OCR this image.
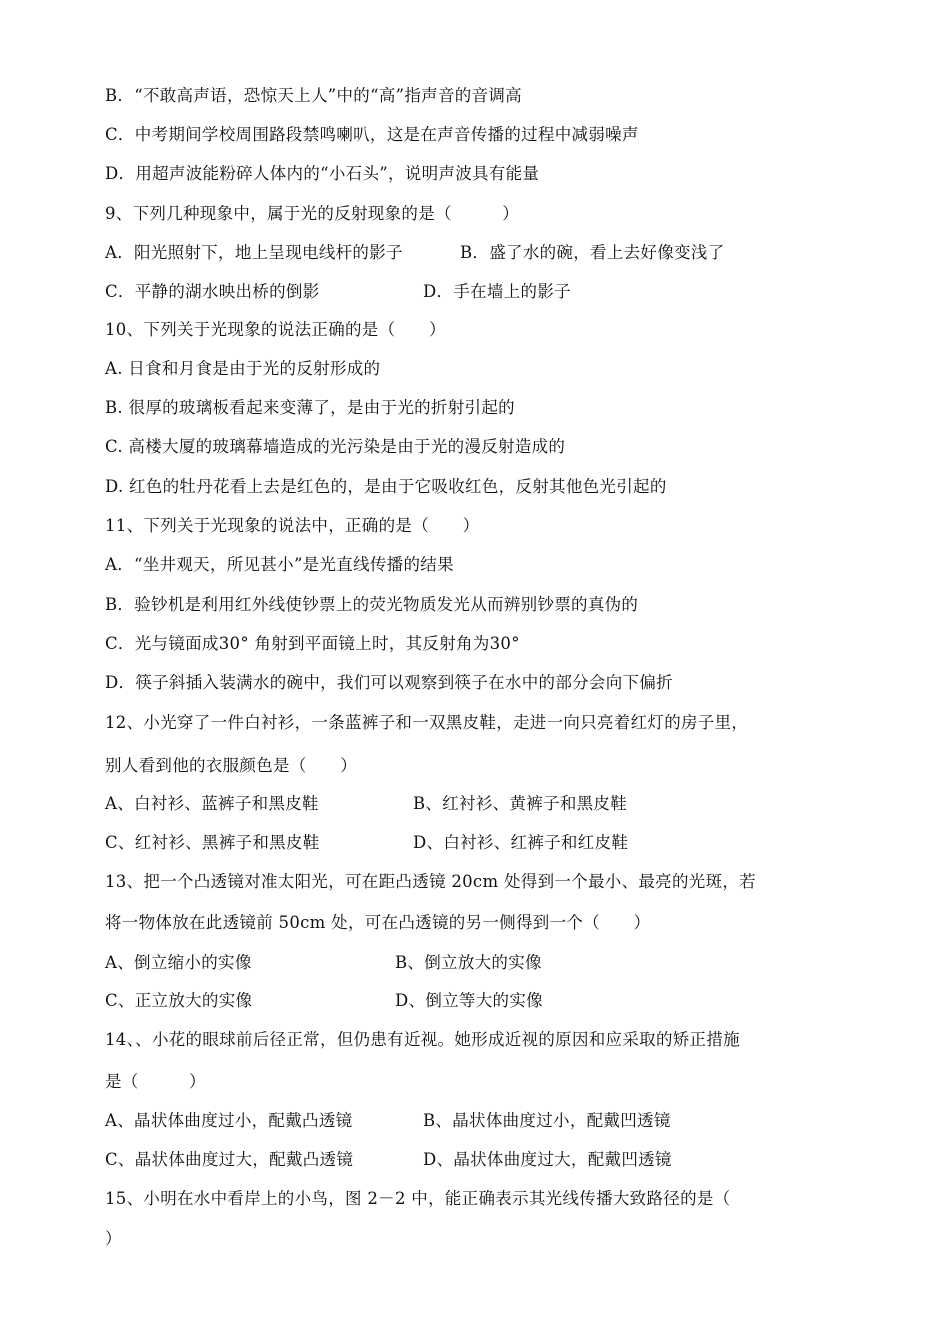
B．“不敢高声语，恐惊天上人”中的“高”指声音的音调高
C．中考期间学校周围路段禁鸣喇叭，这是在声音传播的过程中减弱噪声
D．用超声波能粉碎人体内的“小石头”，说明声波具有能量
9、下列几种现象中，属于光的反射现象的是（　　　）
A．阳光照射下，地上呈现电线杆的影子	B．盛了水的碗，看上去好像变浅了
C．平静的湖水映出桥的倒影	D．手在墙上的影子
10、下列关于光现象的说法正确的是（　　）
A. 日食和月食是由于光的反射形成的
B. 很厚的玻璃板看起来变薄了，是由于光的折射引起的
C. 高楼大厦的玻璃幕墙造成的光污染是由于光的漫反射造成的
D. 红色的牡丹花看上去是红色的，是由于它吸收红色，反射其他色光引起的
11、下列关于光现象的说法中，正确的是（　　）
A．“坐井观天，所见甚小”是光直线传播的结果
B．验钞机是利用红外线使钞票上的荧光物质发光从而辨别钞票的真伪的
C．光与镜面成30° 角射到平面镜上时，其反射角为30°
D．筷子斜插入装满水的碗中，我们可以观察到筷子在水中的部分会向下偏折
12、小光穿了一件白衬衫，一条蓝裤子和一双黑皮鞋，走进一向只亮着红灯的房子里，
别人看到他的衣服颜色是（　　）
A、白衬衫、蓝裤子和黑皮鞋	B、红衬衫、黄裤子和黑皮鞋
C、红衬衫、黑裤子和黑皮鞋	D、白衬衫、红裤子和红皮鞋
13、把一个凸透镜对准太阳光，可在距凸透镜 20cm 处得到一个最小、最亮的光斑，若
将一物体放在此透镜前 50cm 处，可在凸透镜的另一侧得到一个（　　）
A、倒立缩小的实像	B、倒立放大的实像
C、正立放大的实像	D、倒立等大的实像
14、、小花的眼球前后径正常，但仍患有近视。她形成近视的原因和应采取的矫正措施
是（　　　）
A、晶状体曲度过小，配戴凸透镜	B、晶状体曲度过小，配戴凹透镜
C、晶状体曲度过大，配戴凸透镜	D、晶状体曲度过大，配戴凹透镜
15、小明在水中看岸上的小鸟，图 2－2 中，能正确表示其光线传播大致路径的是（
）
